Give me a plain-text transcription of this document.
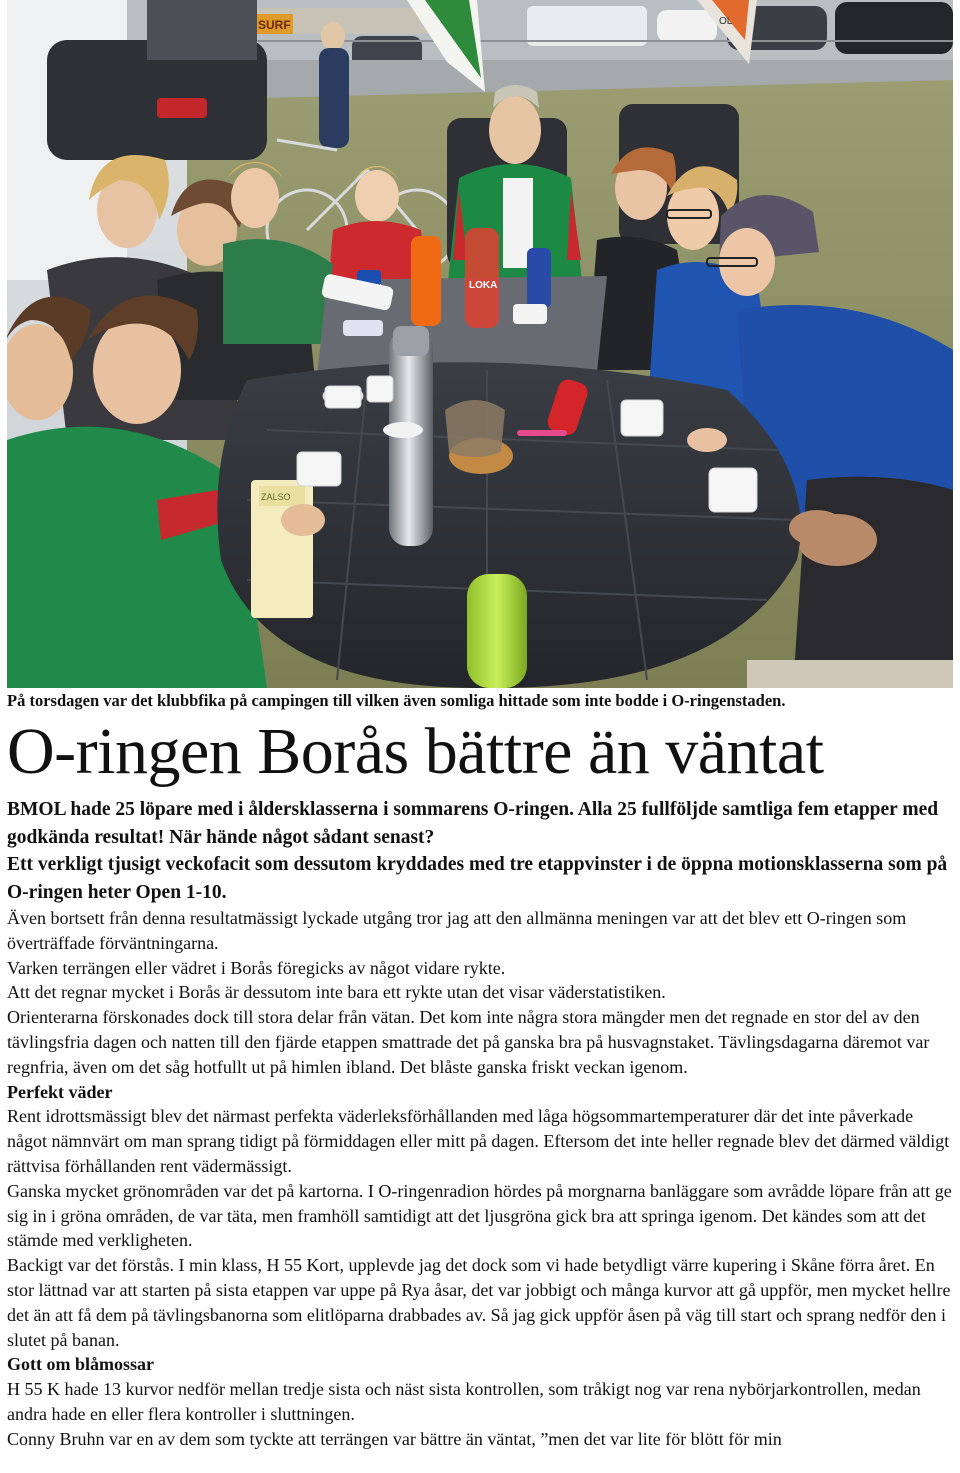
SURF	OL
LOKA
ZALSO

På torsdagen var det klubbfika på campingen till vilken även somliga hittade som inte bodde i O-ringenstaden.

O-ringen Borås bättre än väntat

BMOL hade 25 löpare med i åldersklasserna i sommarens O-ringen. Alla 25 fullföljde samtliga fem etapper med godkända resultat! När hände något sådant senast?

Ett verkligt tjusigt veckofacit som dessutom kryddades med tre etappvinster i de öppna motionsklasserna som på O-ringen heter Open 1-10.

Även bortsett från denna resultatmässigt lyckade utgång tror jag att den allmänna meningen var att det blev ett O-ringen som överträffade förväntningarna.

Varken terrängen eller vädret i Borås föregicks av något vidare rykte.

Att det regnar mycket i Borås är dessutom inte bara ett rykte utan det visar väderstatistiken.

Orienterarna förskonades dock till stora delar från vätan. Det kom inte några stora mängder men det regnade en stor del av den tävlingsfria dagen och natten till den fjärde etappen smattrade det på ganska bra på husvagnstaket. Tävlingsdagarna däremot var regnfria, även om det såg hotfullt ut på himlen ibland. Det blåste ganska friskt veckan igenom.

Perfekt väder

Rent idrottsmässigt blev det närmast perfekta väderleksförhållanden med låga högsommartemperaturer där det inte påverkade något nämnvärt om man sprang tidigt på förmiddagen eller mitt på dagen. Eftersom det inte heller regnade blev det därmed väldigt rättvisa förhållanden rent vädermässigt.

Ganska mycket grönområden var det på kartorna. I O-ringenradion hördes på morgnarna banläggare som avrådde löpare från att ge sig in i gröna områden, de var täta, men framhöll samtidigt att det ljusgröna gick bra att springa igenom. Det kändes som att det stämde med verkligheten.

Backigt var det förstås. I min klass, H 55 Kort, upplevde jag det dock som vi hade betydligt värre kupering i Skåne förra året. En stor lättnad var att starten på sista etappen var uppe på Rya åsar, det var jobbigt och många kurvor att gå uppför, men mycket hellre det än att få dem på tävlingsbanorna som elitlöparna drabbades av. Så jag gick uppför åsen på väg till start och sprang nedför den i slutet på banan.

Gott om blåmossar

H 55 K hade 13 kurvor nedför mellan tredje sista och näst sista kontrollen, som tråkigt nog var rena nybörjarkontrollen, medan andra hade en eller flera kontroller i sluttningen.

Conny Bruhn var en av dem som tyckte att terrängen var bättre än väntat, ”men det var lite för blött för min
